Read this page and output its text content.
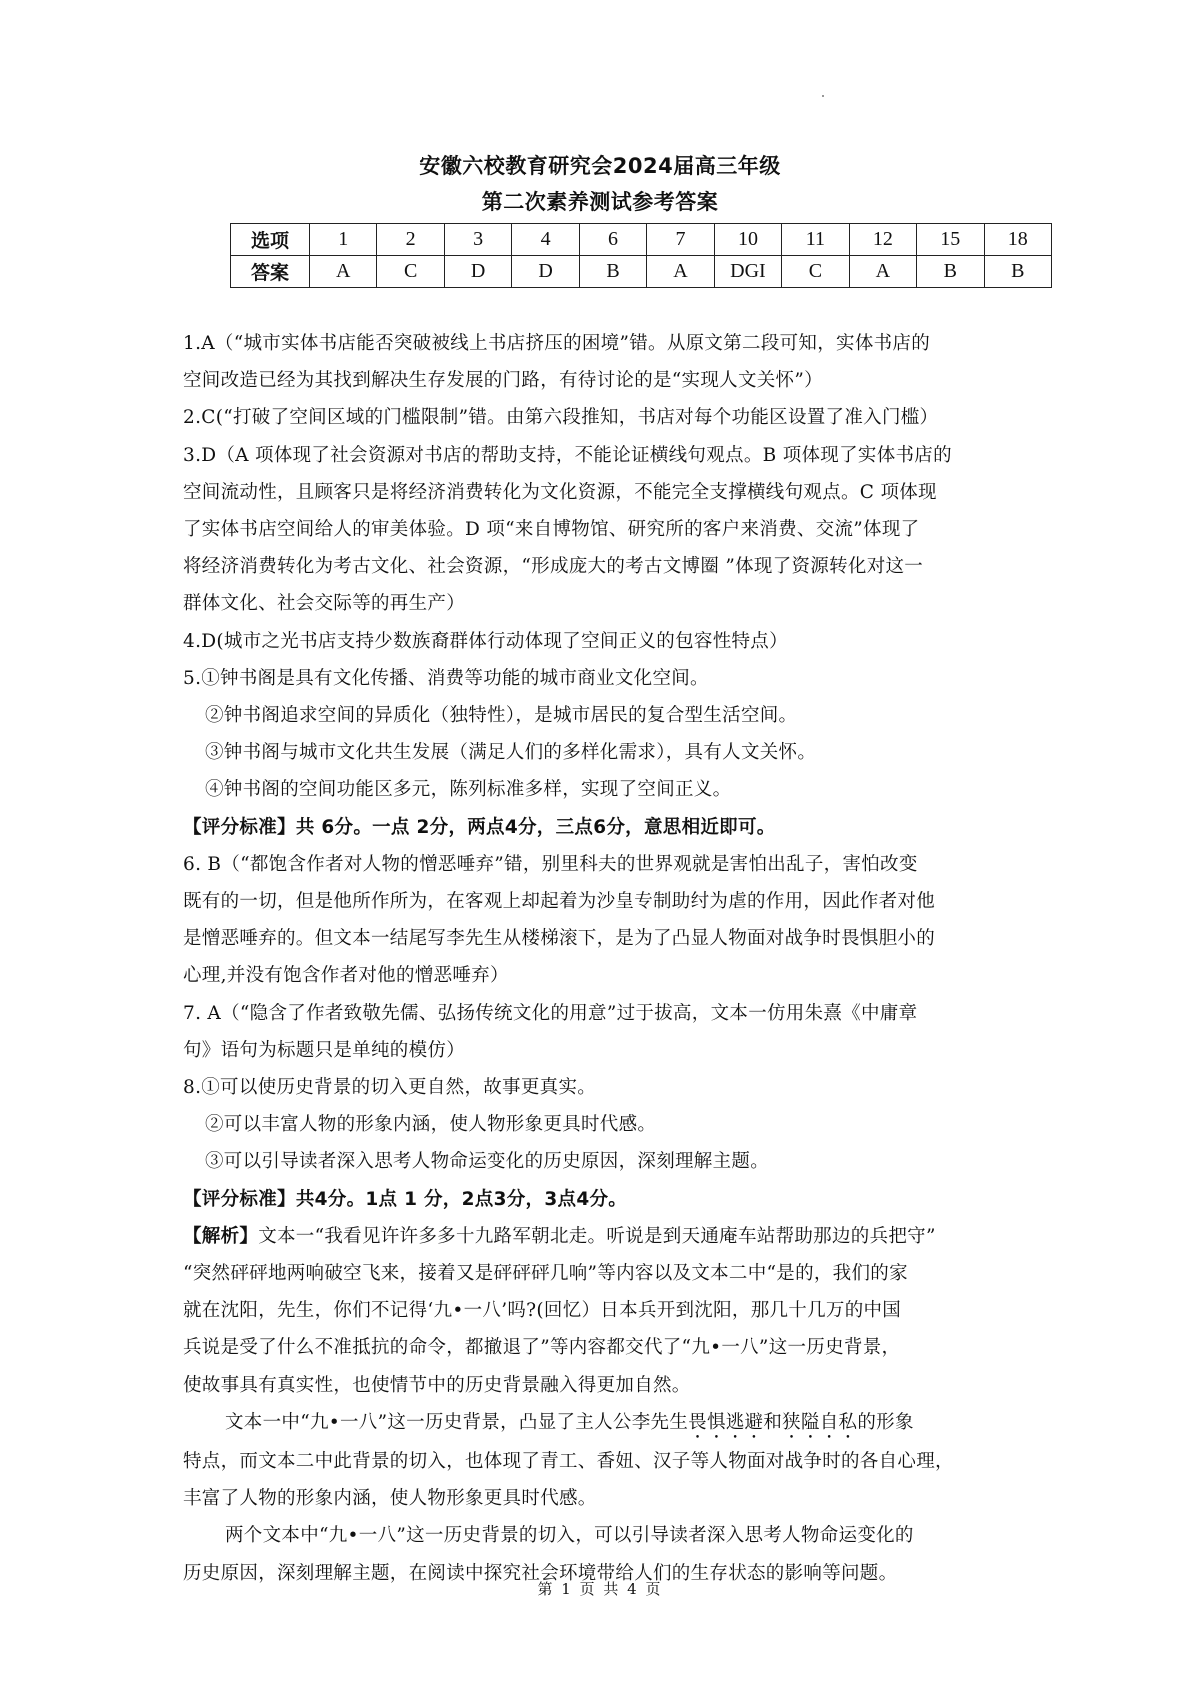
安徽六校教育研究会2024届高三年级
第二次素养测试参考答案
选项	1	2	3	4	6	7	10	11	12	15	18
答案	A	C	D	D	B	A	DGI	C	A	B	B

1.A（“城市实体书店能否突破被线上书店挤压的困境”错。从原文第二段可知，实体书店的

空间改造已经为其找到解决生存发展的门路，有待讨论的是“实现人文关怀”）

2.C(“打破了空间区域的门槛限制”错。由第六段推知，书店对每个功能区设置了准入门槛）

3.D（A 项体现了社会资源对书店的帮助支持，不能论证横线句观点。B 项体现了实体书店的

空间流动性，且顾客只是将经济消费转化为文化资源，不能完全支撑横线句观点。C 项体现

了实体书店空间给人的审美体验。D 项“来自博物馆、研究所的客户来消费、交流”体现了

将经济消费转化为考古文化、社会资源，“形成庞大的考古文博圈 ”体现了资源转化对这一

群体文化、社会交际等的再生产）

4.D(城市之光书店支持少数族裔群体行动体现了空间正义的包容性特点）

5.①钟书阁是具有文化传播、消费等功能的城市商业文化空间。

②钟书阁追求空间的异质化（独特性），是城市居民的复合型生活空间。

③钟书阁与城市文化共生发展（满足人们的多样化需求），具有人文关怀。

④钟书阁的空间功能区多元，陈列标准多样，实现了空间正义。

【评分标准】共 6分。一点 2分，两点4分，三点6分，意思相近即可。

6. B（“都饱含作者对人物的憎恶唾弃”错，别里科夫的世界观就是害怕出乱子，害怕改变

既有的一切，但是他所作所为，在客观上却起着为沙皇专制助纣为虐的作用，因此作者对他

是憎恶唾弃的。但文本一结尾写李先生从楼梯滚下，是为了凸显人物面对战争时畏惧胆小的

心理,并没有饱含作者对他的憎恶唾弃）

7. A（“隐含了作者致敬先儒、弘扬传统文化的用意”过于拔高，文本一仿用朱熹《中庸章

句》语句为标题只是单纯的模仿）

8.①可以使历史背景的切入更自然，故事更真实。

②可以丰富人物的形象内涵，使人物形象更具时代感。

③可以引导读者深入思考人物命运变化的历史原因，深刻理解主题。

【评分标准】共4分。1点 1 分，2点3分，3点4分。

【解析】文本一“我看见许许多多十九路军朝北走。听说是到天通庵车站帮助那边的兵把守”

“突然砰砰地两响破空飞来，接着又是砰砰砰几响”等内容以及文本二中“是的，我们的家

就在沈阳，先生，你们不记得‘九•一八’吗?(回忆）日本兵开到沈阳，那几十几万的中国

兵说是受了什么不准抵抗的命令，都撤退了”等内容都交代了“九•一八”这一历史背景，

使故事具有真实性，也使情节中的历史背景融入得更加自然。

文本一中“九•一八”这一历史背景，凸显了主人公李先生畏惧逃避和狭隘自私的形象

特点，而文本二中此背景的切入，也体现了青工、香妞、汉子等人物面对战争时的各自心理，

丰富了人物的形象内涵，使人物形象更具时代感。

两个文本中“九•一八”这一历史背景的切入，可以引导读者深入思考人物命运变化的

历史原因，深刻理解主题，在阅读中探究社会环境带给人们的生存状态的影响等问题。

第 1 页 共 4 页
